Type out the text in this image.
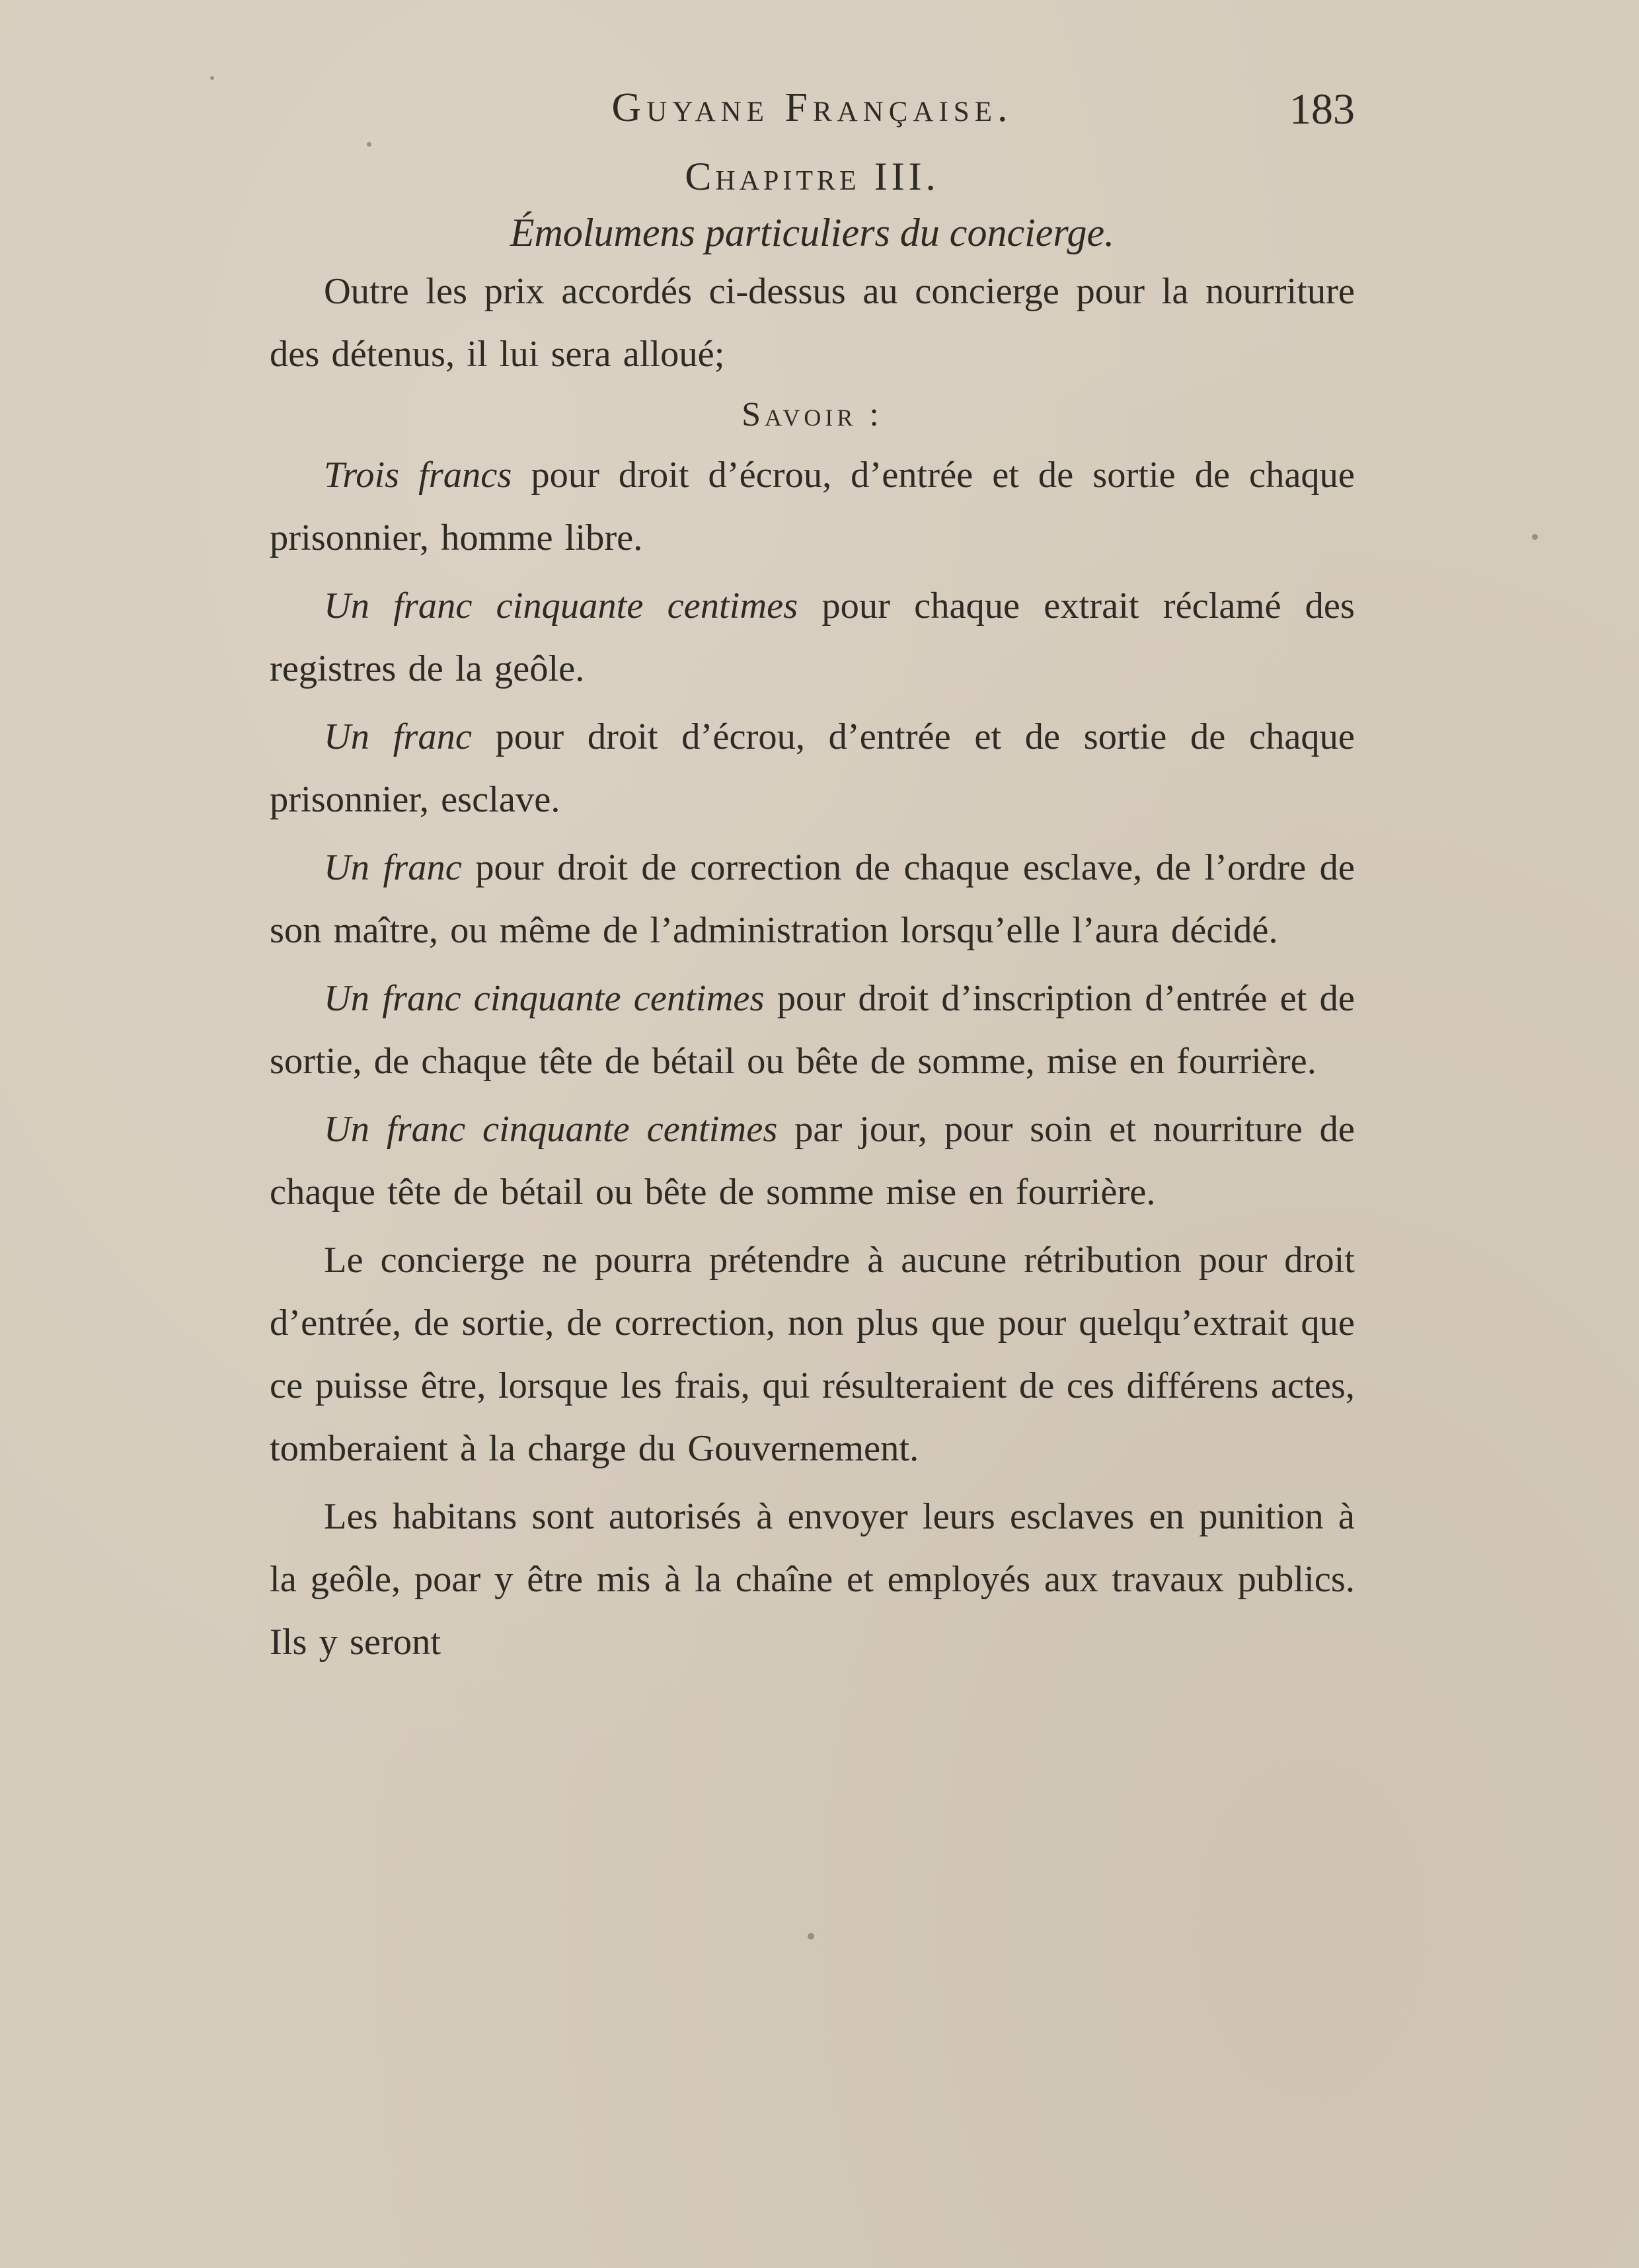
Guyane Française.	183
Chapitre III.
Émolumens particuliers du concierge.

Outre les prix accordés ci-dessus au concierge pour la nourriture des détenus, il lui sera alloué;

Savoir :

Trois francs pour droit d’écrou, d’entrée et de sortie de chaque prisonnier, homme libre.

Un franc cinquante centimes pour chaque extrait réclamé des registres de la geôle.

Un franc pour droit d’écrou, d’entrée et de sortie de chaque prisonnier, esclave.

Un franc pour droit de correction de chaque esclave, de l’ordre de son maître, ou même de l’administration lorsqu’elle l’aura décidé.

Un franc cinquante centimes pour droit d’inscription d’entrée et de sortie, de chaque tête de bétail ou bête de somme, mise en fourrière.

Un franc cinquante centimes par jour, pour soin et nourriture de chaque tête de bétail ou bête de somme mise en fourrière.

Le concierge ne pourra prétendre à aucune rétribution pour droit d’entrée, de sortie, de correction, non plus que pour quelqu’extrait que ce puisse être, lorsque les frais, qui résulteraient de ces différens actes, tomberaient à la charge du Gouvernement.

Les habitans sont autorisés à envoyer leurs esclaves en punition à la geôle, poar y être mis à la chaîne et employés aux travaux publics. Ils y seront
